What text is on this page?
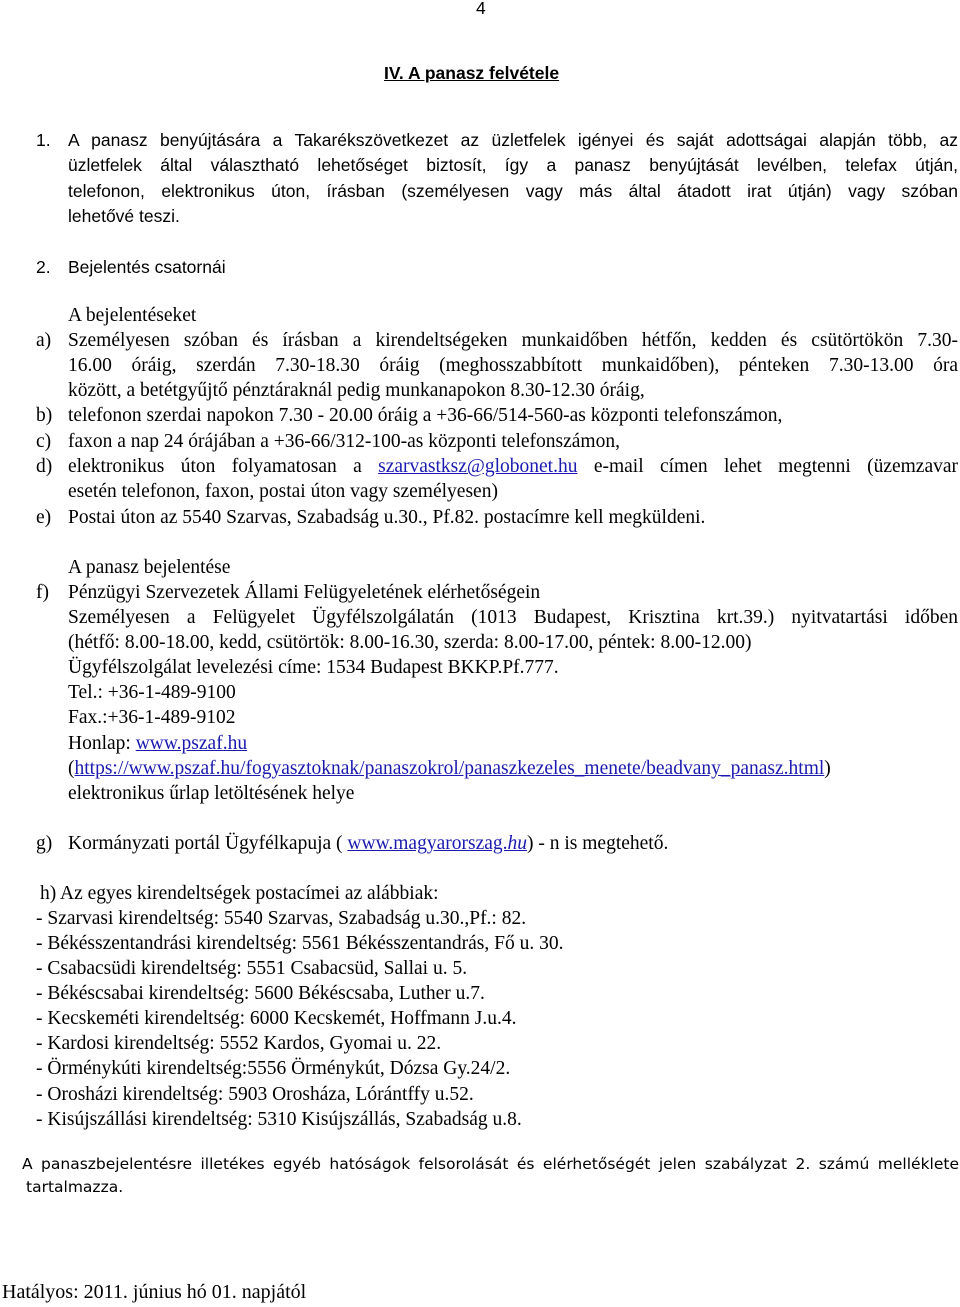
4
IV. A panasz felvétele
1. A panasz benyújtására a Takarékszövetkezet az üzletfelek igényei és saját adottságai alapján több, az
üzletfelek által választható lehetőséget biztosít, így a panasz benyújtását levélben, telefax útján,
telefonon, elektronikus úton, írásban (személyesen vagy más által átadott irat útján) vagy szóban
lehetővé teszi.
2. Bejelentés csatornái
A bejelentéseket
a) Személyesen szóban és írásban a kirendeltségeken munkaidőben hétfőn, kedden és csütörtökön 7.30-
16.00 óráig, szerdán 7.30-18.30 óráig (meghosszabbított munkaidőben), pénteken 7.30-13.00 óra
között, a betétgyűjtő pénztáraknál pedig munkanapokon 8.30-12.30 óráig,
b) telefonon szerdai napokon 7.30 - 20.00 óráig a +36-66/514-560-as központi telefonszámon,
c) faxon a nap 24 órájában a +36-66/312-100-as központi telefonszámon,
d) elektronikus úton folyamatosan a szarvastksz@globonet.hu e-mail címen lehet megtenni (üzemzavar
esetén telefonon, faxon, postai úton vagy személyesen)
e) Postai úton az 5540 Szarvas, Szabadság u.30., Pf.82. postacímre kell megküldeni.
A panasz bejelentése
f) Pénzügyi Szervezetek Állami Felügyeletének elérhetőségein
Személyesen a Felügyelet Ügyfélszolgálatán (1013 Budapest, Krisztina krt.39.) nyitvatartási időben
(hétfő: 8.00-18.00, kedd, csütörtök: 8.00-16.30, szerda: 8.00-17.00, péntek: 8.00-12.00)
Ügyfélszolgálat levelezési címe: 1534 Budapest BKKP.Pf.777.
Tel.: +36-1-489-9100
Fax.:+36-1-489-9102
Honlap: www.pszaf.hu
(https://www.pszaf.hu/fogyasztoknak/panaszokrol/panaszkezeles_menete/beadvany_panasz.html)
elektronikus űrlap letöltésének helye
g) Kormányzati portál Ügyfélkapuja ( www.magyarorszag.hu) - n is megtehető.
h) Az egyes kirendeltségek postacímei az alábbiak:
- Szarvasi kirendeltség: 5540 Szarvas, Szabadság u.30.,Pf.: 82.
- Békésszentandrási kirendeltség: 5561 Békésszentandrás, Fő u. 30.
- Csabacsüdi kirendeltség: 5551 Csabacsüd, Sallai u. 5.
- Békéscsabai kirendeltség: 5600 Békéscsaba, Luther u.7.
- Kecskeméti kirendeltség: 6000 Kecskemét, Hoffmann J.u.4.
- Kardosi kirendeltség: 5552 Kardos, Gyomai u. 22.
- Örménykúti kirendeltség:5556 Örménykút, Dózsa Gy.24/2.
- Orosházi kirendeltség: 5903 Orosháza, Lórántffy u.52.
- Kisújszállási kirendeltség: 5310 Kisújszállás, Szabadság u.8.
A panaszbejelentésre illetékes egyéb hatóságok felsorolását és elérhetőségét jelen szabályzat 2. számú melléklete
tartalmazza.
Hatályos: 2011. június hó 01. napjától
